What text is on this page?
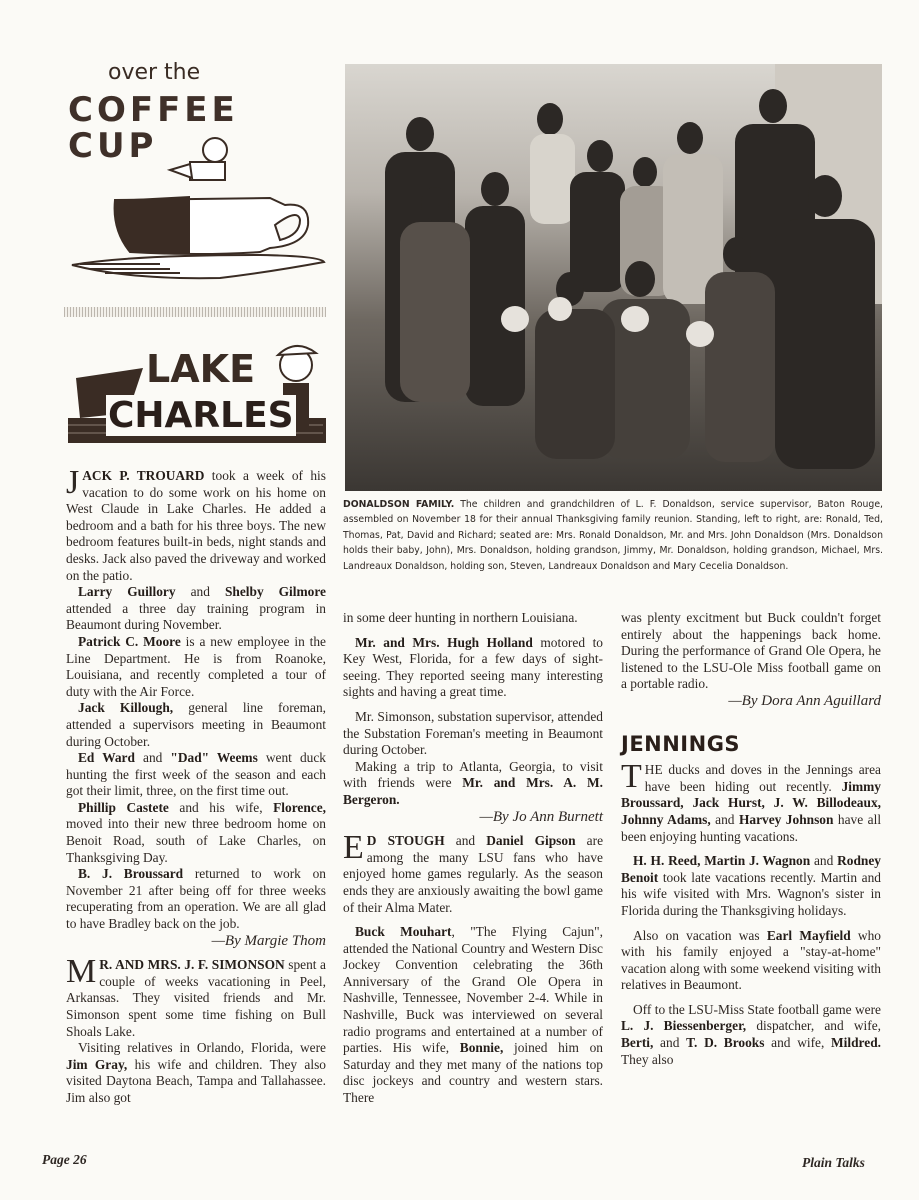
over the
COFFEE
CUP
LAKE
CHARLES
DONALDSON FAMILY. The children and grandchildren of L. F. Donaldson, service supervisor, Baton Rouge, assembled on November 18 for their annual Thanksgiving family reunion. Standing, left to right, are: Ronald, Ted, Thomas, Pat, David and Richard; seated are: Mrs. Ronald Donaldson, Mr. and Mrs. John Donaldson (Mrs. Donaldson holds their baby, John), Mrs. Donaldson, holding grandson, Jimmy, Mr. Donaldson, holding grandson, Michael, Mrs. Landreaux Donaldson, holding son, Steven, Landreaux Donaldson and Mary Cecelia Donaldson.

JACK P. TROUARD took a week of his vacation to do some work on his home on West Claude in Lake Charles. He added a bedroom and a bath for his three boys. The new bedroom features built-in beds, night stands and desks. Jack also paved the driveway and worked on the patio.

Larry Guillory and Shelby Gilmore attended a three day training program in Beaumont during November.

Patrick C. Moore is a new employee in the Line Department. He is from Roanoke, Louisiana, and recently completed a tour of duty with the Air Force.

Jack Killough, general line foreman, attended a supervisors meeting in Beaumont during October.

Ed Ward and "Dad" Weems went duck hunting the first week of the season and each got their limit, three, on the first time out.

Phillip Castete and his wife, Florence, moved into their new three bedroom home on Benoit Road, south of Lake Charles, on Thanksgiving Day.

B. J. Broussard returned to work on November 21 after being off for three weeks recuperating from an operation. We are all glad to have Bradley back on the job.

—By Margie Thom

M R. AND MRS. J. F. SIMONSON spent a couple of weeks vacationing in Peel, Arkansas. They visited friends and Mr. Simonson spent some time fishing on Bull Shoals Lake.

Visiting relatives in Orlando, Florida, were Jim Gray, his wife and children. They also visited Daytona Beach, Tampa and Tallahassee. Jim also got

in some deer hunting in northern Louisiana.

Mr. and Mrs. Hugh Holland motored to Key West, Florida, for a few days of sight-seeing. They reported seeing many interesting sights and having a great time.

Mr. Simonson, substation supervisor, attended the Substation Foreman's meeting in Beaumont during October.

Making a trip to Atlanta, Georgia, to visit with friends were Mr. and Mrs. A. M. Bergeron.

—By Jo Ann Burnett

E D STOUGH and Daniel Gipson are among the many LSU fans who have enjoyed home games regularly. As the season ends they are anxiously awaiting the bowl game of their Alma Mater.

Buck Mouhart, "The Flying Cajun", attended the National Country and Western Disc Jockey Convention celebrating the 36th Anniversary of the Grand Ole Opera in Nashville, Tennessee, November 2-4. While in Nashville, Buck was interviewed on several radio programs and entertained at a number of parties. His wife, Bonnie, joined him on Saturday and they met many of the nations top disc jockeys and country and western stars. There

was plenty excitment but Buck couldn't forget entirely about the happenings back home. During the performance of Grand Ole Opera, he listened to the LSU-Ole Miss football game on a portable radio.

—By Dora Ann Aguillard

JENNINGS

THE ducks and doves in the Jennings area have been hiding out recently. Jimmy Broussard, Jack Hurst, J. W. Billodeaux, Johnny Adams, and Harvey Johnson have all been enjoying hunting vacations.

H. H. Reed, Martin J. Wagnon and Rodney Benoit took late vacations recently. Martin and his wife visited with Mrs. Wagnon's sister in Florida during the Thanksgiving holidays.

Also on vacation was Earl Mayfield who with his family enjoyed a "stay-at-home" vacation along with some weekend visiting with relatives in Beaumont.

Off to the LSU-Miss State football game were L. J. Biessenberger, dispatcher, and wife, Berti, and T. D. Brooks and wife, Mildred. They also

Page 26	Plain Talks
